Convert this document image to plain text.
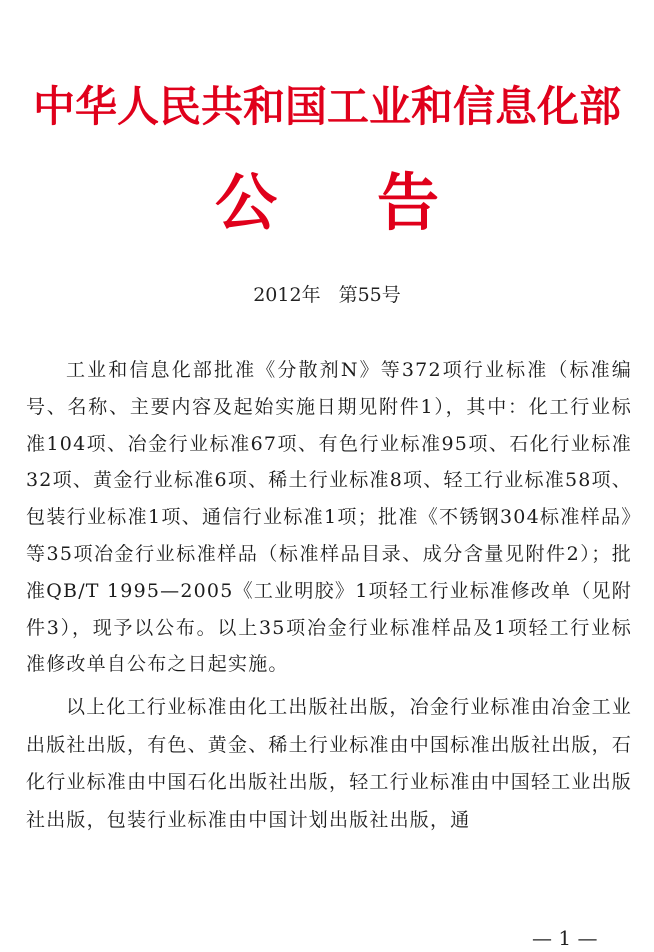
中华人民共和国工业和信息化部
公告
2012年 第55号

工业和信息化部批准《分散剂N》等372项行业标准（标准编号、名称、主要内容及起始实施日期见附件1），其中：化工行业标准104项、冶金行业标准67项、有色行业标准95项、石化行业标准32项、黄金行业标准6项、稀土行业标准8项、轻工行业标准58项、包装行业标准1项、通信行业标准1项；批准《不锈钢304标准样品》等35项冶金行业标准样品（标准样品目录、成分含量见附件2）；批准QB/T 1995—2005《工业明胶》1项轻工行业标准修改单（见附件3），现予以公布。以上35项冶金行业标准样品及1项轻工行业标准修改单自公布之日起实施。

以上化工行业标准由化工出版社出版，冶金行业标准由冶金工业出版社出版，有色、黄金、稀土行业标准由中国标准出版社出版，石化行业标准由中国石化出版社出版，轻工行业标准由中国轻工业出版社出版，包装行业标准由中国计划出版社出版，通

— 1 —
